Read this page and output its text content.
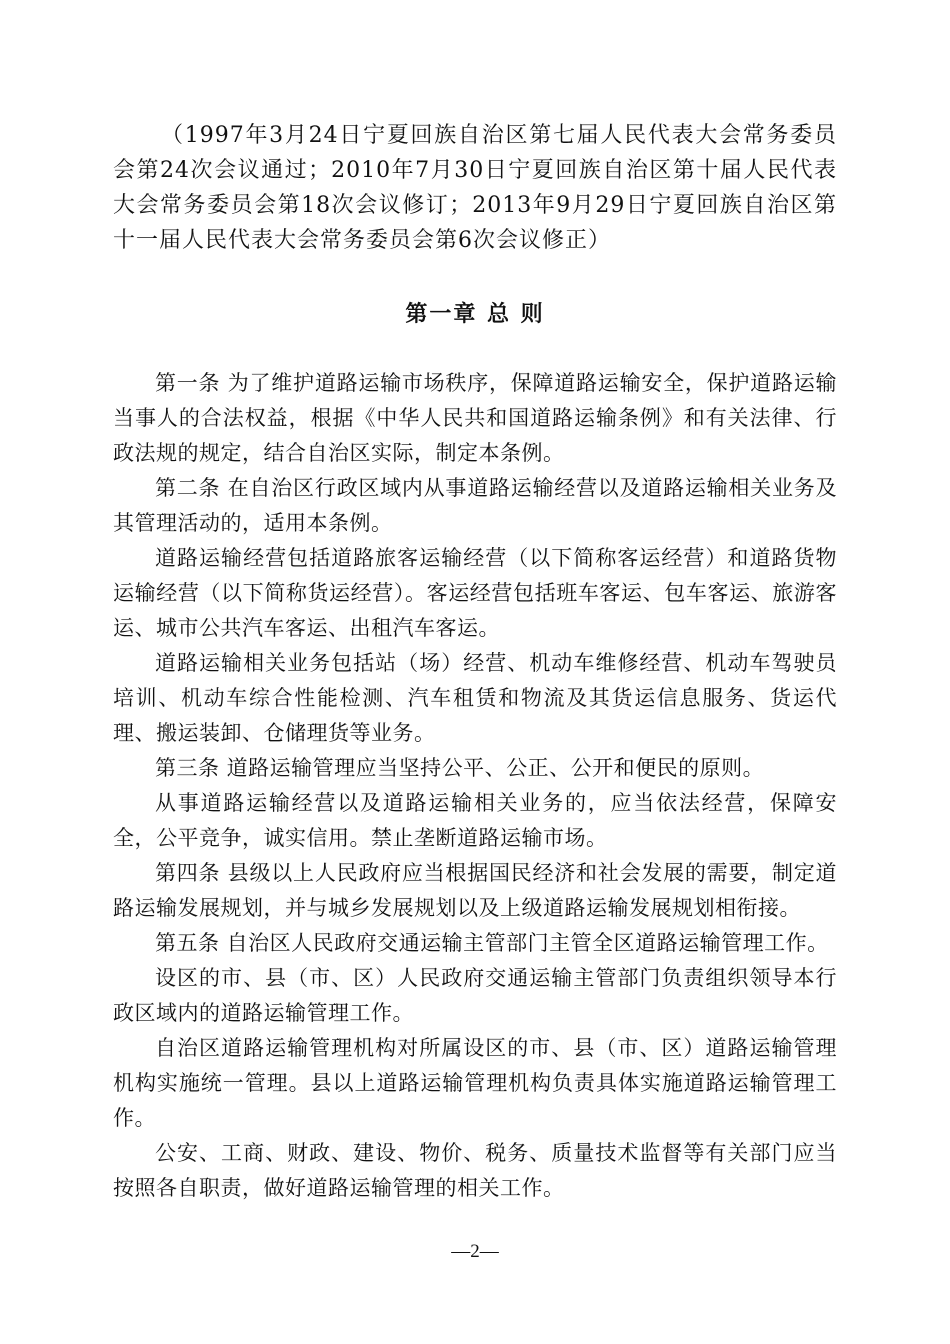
（1997年3月24日宁夏回族自治区第七届人民代表大会常务委员会第24次会议通过；2010年7月30日宁夏回族自治区第十届人民代表大会常务委员会第18次会议修订；2013年9月29日宁夏回族自治区第十一届人民代表大会常务委员会第6次会议修正）

第一章 总 则

第一条 为了维护道路运输市场秩序，保障道路运输安全，保护道路运输当事人的合法权益，根据《中华人民共和国道路运输条例》和有关法律、行政法规的规定，结合自治区实际，制定本条例。

第二条 在自治区行政区域内从事道路运输经营以及道路运输相关业务及其管理活动的，适用本条例。

道路运输经营包括道路旅客运输经营（以下简称客运经营）和道路货物运输经营（以下简称货运经营）。客运经营包括班车客运、包车客运、旅游客运、城市公共汽车客运、出租汽车客运。

道路运输相关业务包括站（场）经营、机动车维修经营、机动车驾驶员培训、机动车综合性能检测、汽车租赁和物流及其货运信息服务、货运代理、搬运装卸、仓储理货等业务。

第三条 道路运输管理应当坚持公平、公正、公开和便民的原则。

从事道路运输经营以及道路运输相关业务的，应当依法经营，保障安全，公平竞争，诚实信用。禁止垄断道路运输市场。

第四条 县级以上人民政府应当根据国民经济和社会发展的需要，制定道路运输发展规划，并与城乡发展规划以及上级道路运输发展规划相衔接。

第五条 自治区人民政府交通运输主管部门主管全区道路运输管理工作。

设区的市、县（市、区）人民政府交通运输主管部门负责组织领导本行政区域内的道路运输管理工作。

自治区道路运输管理机构对所属设区的市、县（市、区）道路运输管理机构实施统一管理。县以上道路运输管理机构负责具体实施道路运输管理工作。

公安、工商、财政、建设、物价、税务、质量技术监督等有关部门应当按照各自职责，做好道路运输管理的相关工作。

—2—
